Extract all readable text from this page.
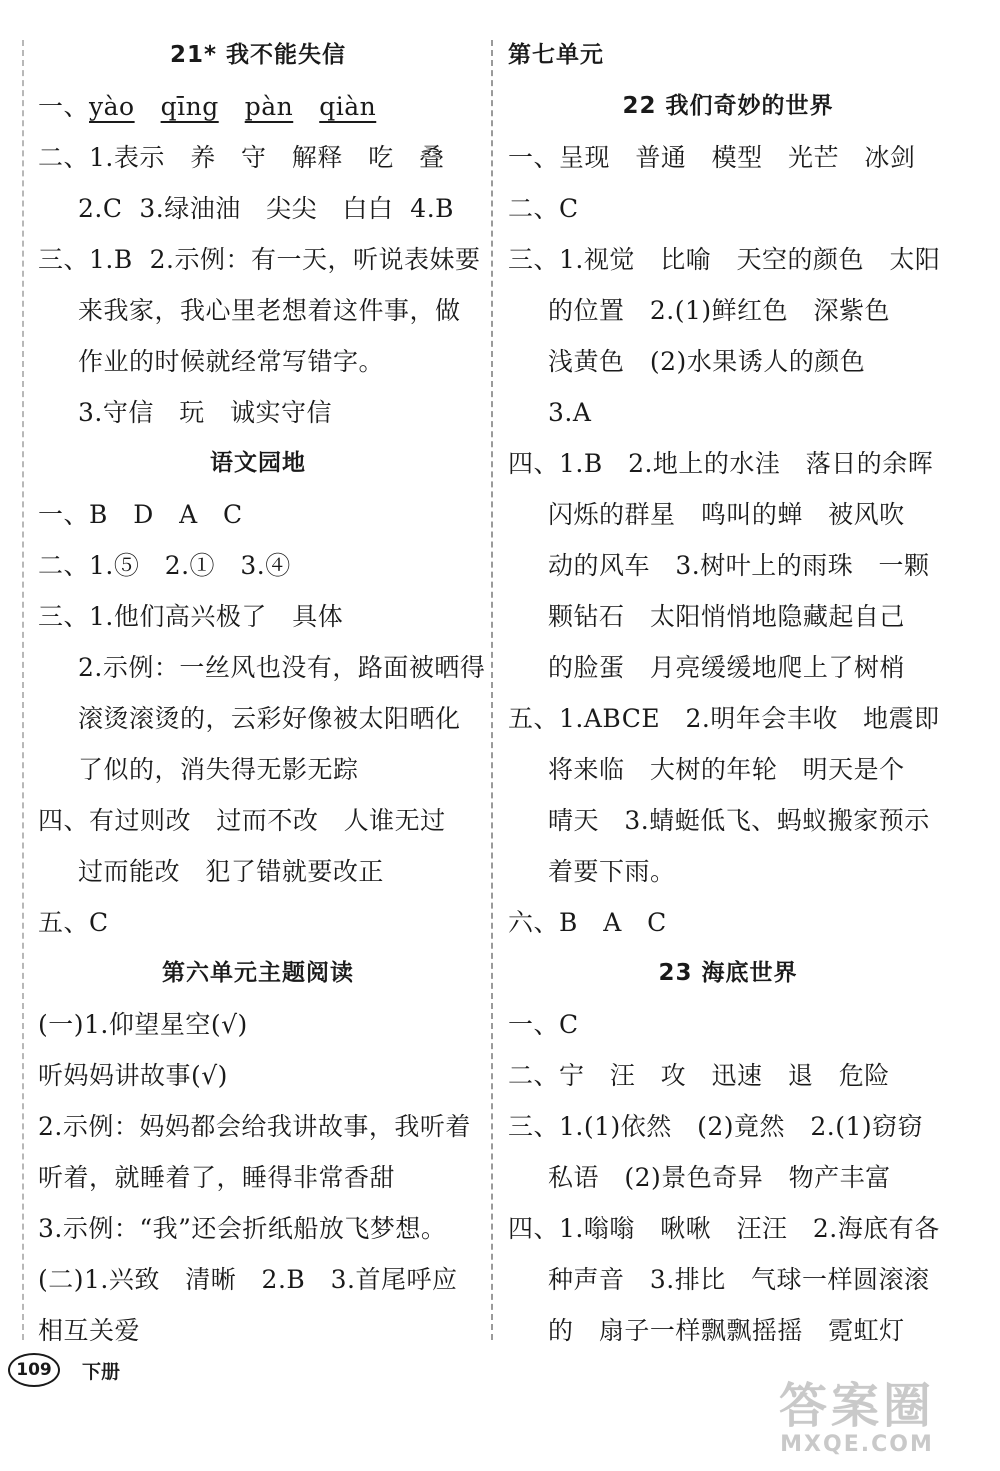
21* 我不能失信
一、yào qīng pàn qiàn
二、1.表示   养   守   解释   吃   叠
2.C  3.绿油油   尖尖   白白  4.B
三、1.B  2.示例：有一天，听说表妹要
来我家，我心里老想着这件事，做
作业的时候就经常写错字。
3.守信   玩   诚实守信
语文园地
一、B   D   A   C
二、1.⑤   2.①   3.④
三、1.他们高兴极了   具体
2.示例：一丝风也没有，路面被晒得
滚烫滚烫的，云彩好像被太阳晒化
了似的，消失得无影无踪
四、有过则改   过而不改   人谁无过
过而能改   犯了错就要改正
五、C
第六单元主题阅读
(一)1.仰望星空(√)
听妈妈讲故事(√)
2.示例：妈妈都会给我讲故事，我听着
听着，就睡着了，睡得非常香甜
3.示例：“我”还会折纸船放飞梦想。
(二)1.兴致   清晰   2.B   3.首尾呼应
相互关爱
第七单元
22 我们奇妙的世界
一、呈现   普通   模型   光芒   冰剑
二、C
三、1.视觉   比喻   天空的颜色   太阳
的位置   2.(1)鲜红色   深紫色
浅黄色   (2)水果诱人的颜色
3.A
四、1.B   2.地上的水洼   落日的余晖
闪烁的群星   鸣叫的蝉   被风吹
动的风车   3.树叶上的雨珠   一颗
颗钻石   太阳悄悄地隐藏起自己
的脸蛋   月亮缓缓地爬上了树梢
五、1.ABCE   2.明年会丰收   地震即
将来临   大树的年轮   明天是个
晴天   3.蜻蜓低飞、蚂蚁搬家预示
着要下雨。
六、B   A   C
23 海底世界
一、C
二、宁   汪   攻   迅速   退   危险
三、1.(1)依然   (2)竟然   2.(1)窃窃
私语   (2)景色奇异   物产丰富
四、1.嗡嗡   啾啾   汪汪   2.海底有各
种声音   3.排比   气球一样圆滚滚
的   扇子一样飘飘摇摇   霓虹灯
109	下册
答案圈
MXQE.COM
